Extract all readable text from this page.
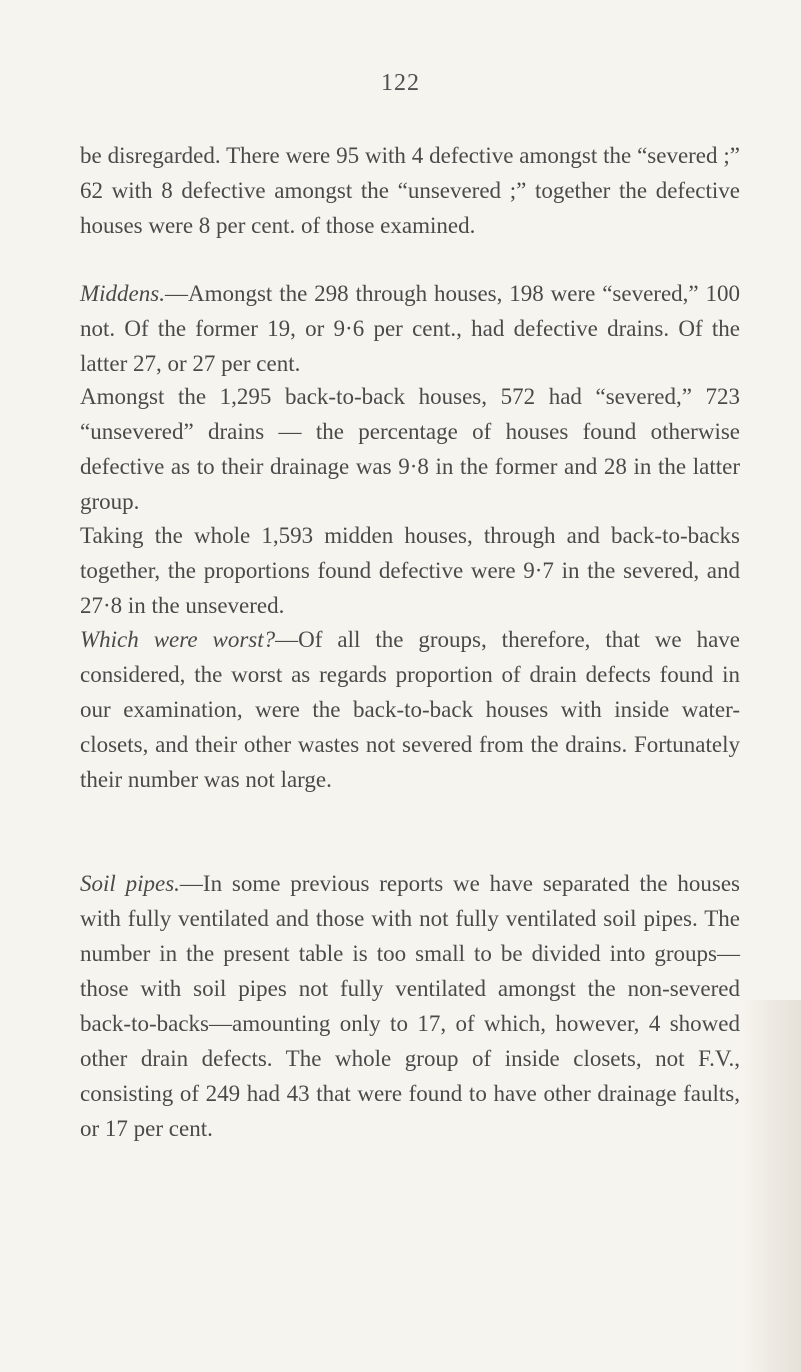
122

be disregarded. There were 95 with 4 defective amongst the “severed ;” 62 with 8 defective amongst the “unsevered ;” together the defective houses were 8 per cent. of those examined.

Middens.—Amongst the 298 through houses, 198 were “severed,” 100 not. Of the former 19, or 9·6 per cent., had defective drains. Of the latter 27, or 27 per cent.

Amongst the 1,295 back-to-back houses, 572 had “severed,” 723 “unsevered” drains — the percentage of houses found otherwise defective as to their drainage was 9·8 in the former and 28 in the latter group.

Taking the whole 1,593 midden houses, through and back-to-backs together, the proportions found defective were 9·7 in the severed, and 27·8 in the unsevered.

Which were worst?—Of all the groups, therefore, that we have considered, the worst as regards proportion of drain defects found in our examination, were the back-to-back houses with inside water-closets, and their other wastes not severed from the drains. Fortunately their number was not large.

Soil pipes.—In some previous reports we have separated the houses with fully ventilated and those with not fully ventilated soil pipes. The number in the present table is too small to be divided into groups—those with soil pipes not fully ventilated amongst the non-severed back-to-backs—amounting only to 17, of which, however, 4 showed other drain defects. The whole group of inside closets, not F.V., consisting of 249 had 43 that were found to have other drainage faults, or 17 per cent.
